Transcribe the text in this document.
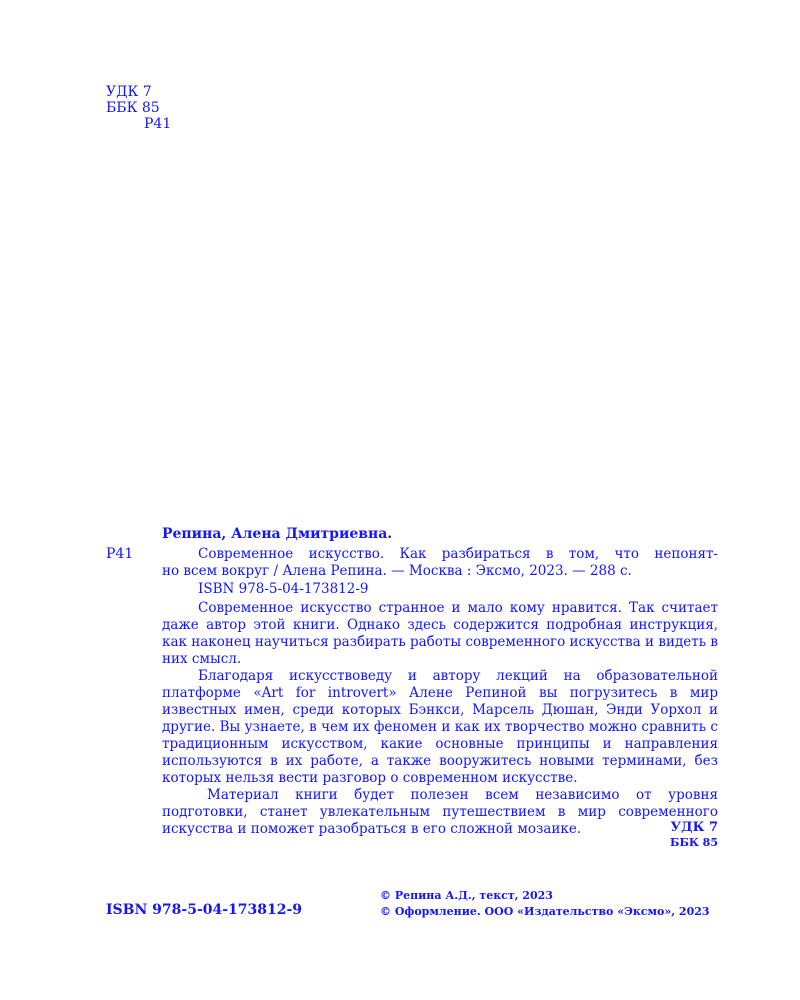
УДК 7
ББК 85
Р41
Репина, Алена Дмитриевна.
Р41	Современное искусство. Как разбираться в том, что непонят-

но всем вокруг / Алена Репина. — Москва : Эксмо, 2023. — 288 с.

ISBN 978-5-04-173812-9

Современное искусство странное и мало кому нравится. Так считает даже автор этой книги. Однако здесь содержится подробная инструкция, как наконец научиться разбирать работы современного искусства и видеть в них смысл.

Благодаря искусствоведу и автору лекций на образовательной платформе «Art for introvert» Алене Репиной вы погрузитесь в мир известных имен, среди которых Бэнкси, Марсель Дюшан, Энди Уорхол и другие. Вы узнаете, в чем их феномен и как их творчество можно сравнить с традиционным искусством, какие основные принципы и направления используются в их работе, а также вооружитесь новыми терминами, без которых нельзя вести разговор о современном искусстве.

Материал книги будет полезен всем независимо от уровня подготовки, станет увлекательным путешествием в мир современного искусства и поможет разобраться в его сложной мозаике.	УДК 7
ББК 85
ISBN 978-5-04-173812-9
© Репина А.Д., текст, 2023
© Оформление. ООО «Издательство «Эксмо», 2023
